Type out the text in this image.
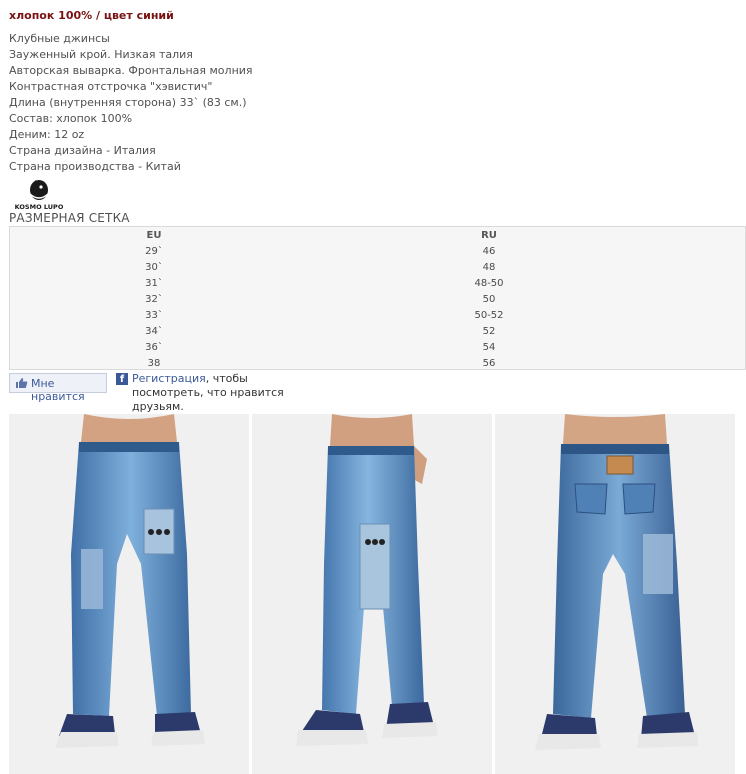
хлопок 100% / цвет синий
Клубные джинсы
Зауженный крой. Низкая талия
Авторская выварка. Фронтальная молния
Контрастная отстрочка "хэвистич"
Длина (внутренняя сторона) 33` (83 см.)
Состав: хлопок 100%
Деним: 12 oz
Страна дизайна - Италия
Страна производства - Китай
KOSMO LUPO
РАЗМЕРНАЯ СЕТКА
EU	RU
29`	46
30`	48
31`	48-50
32`	50
33`	50-52
34`	52
36`	54
38	56
Мне нравится
f Регистрация, чтобы
посмотреть, что нравится друзьям.
